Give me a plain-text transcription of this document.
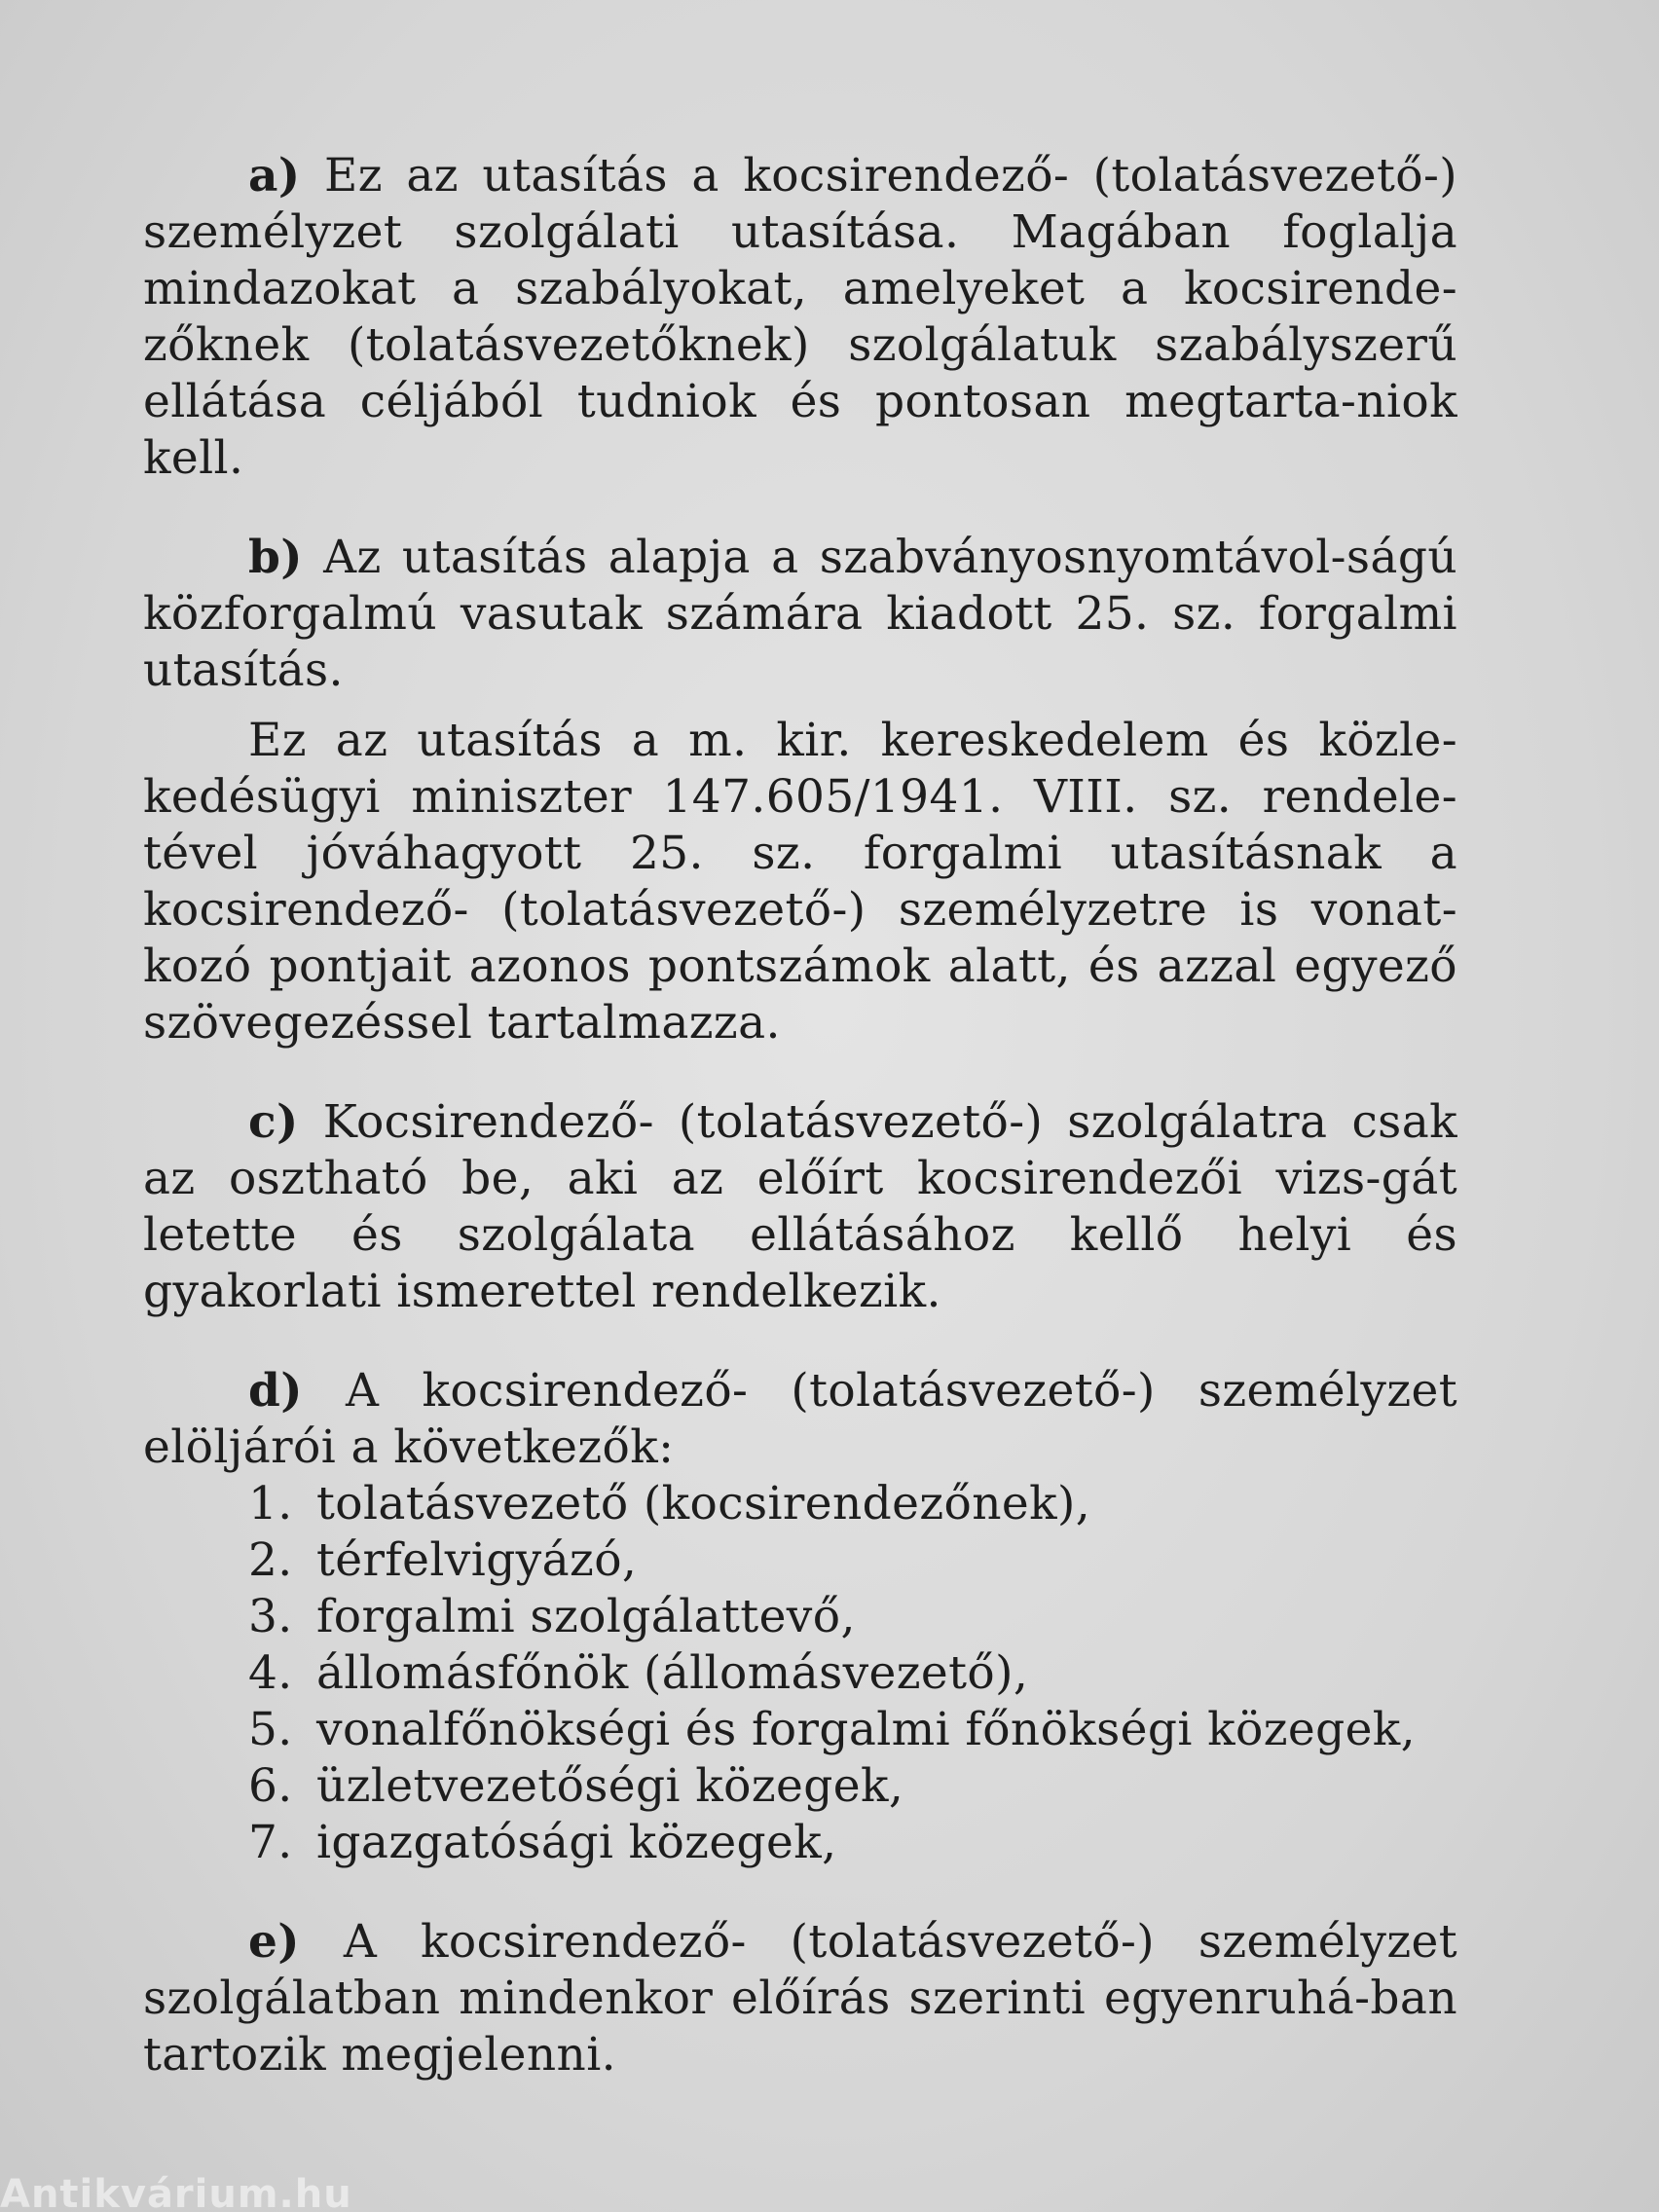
a) Ez az utasítás a kocsirendező- (tolatásvezető-) személyzet szolgálati utasítása. Magában foglalja mindazokat a szabályokat, amelyeket a kocsirende-zőknek (tolatásvezetőknek) szolgálatuk szabályszerű ellátása céljából tudniok és pontosan megtarta-niok kell.

b) Az utasítás alapja a szabványosnyomtávol-ságú közforgalmú vasutak számára kiadott 25. sz. forgalmi utasítás.

Ez az utasítás a m. kir. kereskedelem és közle-kedésügyi miniszter 147.605/1941. VIII. sz. rendele-tével jóváhagyott 25. sz. forgalmi utasításnak a kocsirendező- (tolatásvezető-) személyzetre is vonat-kozó pontjait azonos pontszámok alatt, és azzal egyező szövegezéssel tartalmazza.

c) Kocsirendező- (tolatásvezető-) szolgálatra csak az osztható be, aki az előírt kocsirendezői vizs-gát letette és szolgálata ellátásához kellő helyi és gyakorlati ismerettel rendelkezik.

d) A kocsirendező- (tolatásvezető-) személyzet elöljárói a következők:

1. tolatásvezető (kocsirendezőnek),
2. térfelvigyázó,
3. forgalmi szolgálattevő,
4. állomásfőnök (állomásvezető),
5. vonalfőnökségi és forgalmi főnökségi közegek,
6. üzletvezetőségi közegek,
7. igazgatósági közegek,

e) A kocsirendező- (tolatásvezető-) személyzet szolgálatban mindenkor előírás szerinti egyenruhá-ban tartozik megjelenni.

Antikvárium.hu
